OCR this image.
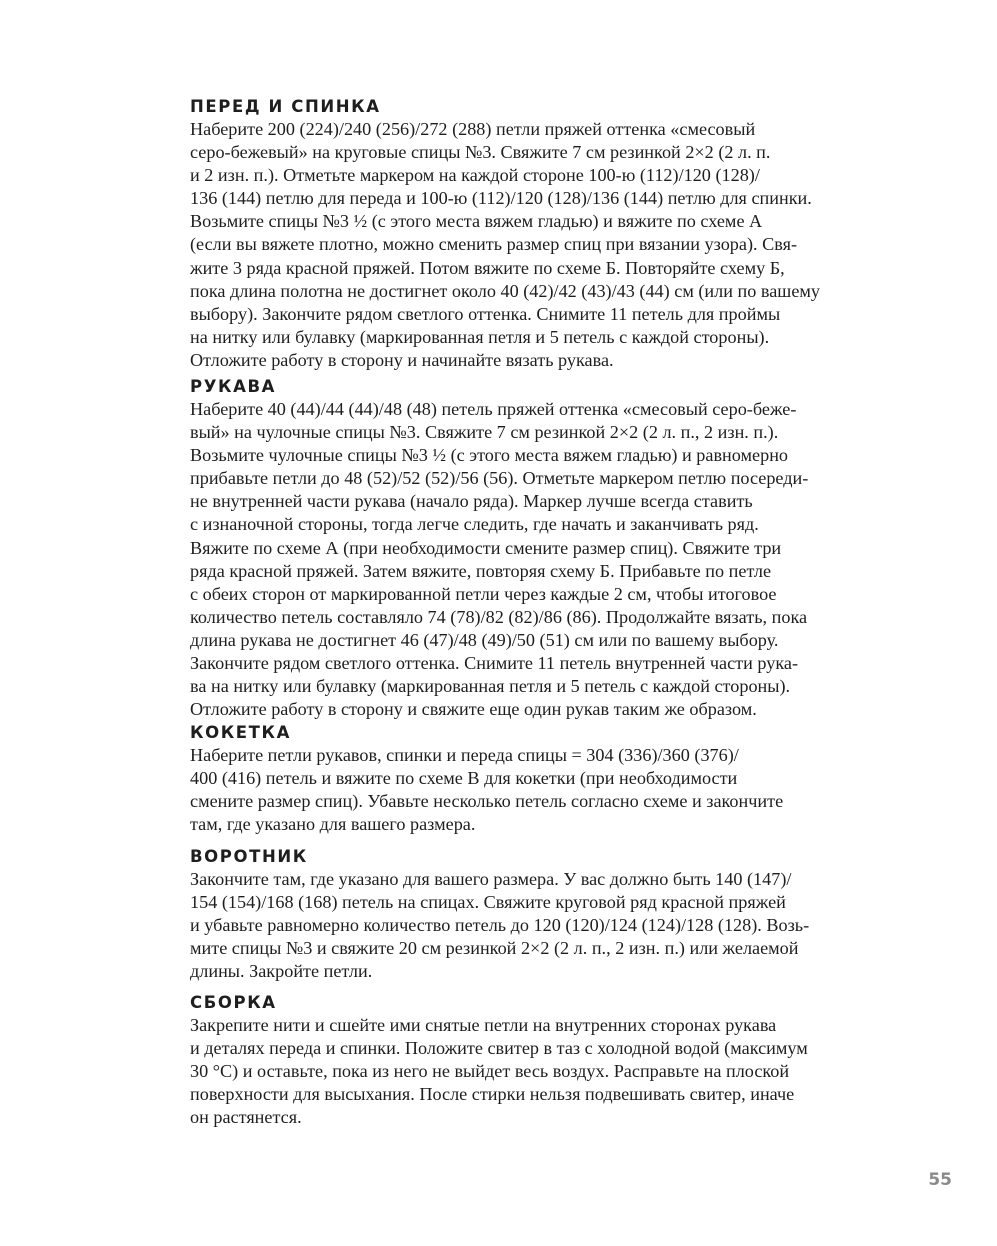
ПЕРЕД И СПИНКА
Наберите 200 (224)/240 (256)/272 (288) петли пряжей оттенка «смесовый
серо-бежевый» на круговые спицы №3. Свяжите 7 см резинкой 2×2 (2 л. п.
и 2 изн. п.). Отметьте маркером на каждой стороне 100-ю (112)/120 (128)/
136 (144) петлю для переда и 100-ю (112)/120 (128)/136 (144) петлю для спинки.
Возьмите спицы №3 ½ (с этого места вяжем гладью) и вяжите по схеме А
(если вы вяжете плотно, можно сменить размер спиц при вязании узора). Свя-
жите 3 ряда красной пряжей. Потом вяжите по схеме Б. Повторяйте схему Б,
пока длина полотна не достигнет около 40 (42)/42 (43)/43 (44) см (или по вашему
выбору). Закончите рядом светлого оттенка. Снимите 11 петель для проймы
на нитку или булавку (маркированная петля и 5 петель с каждой стороны).
Отложите работу в сторону и начинайте вязать рукава.
РУКАВА
Наберите 40 (44)/44 (44)/48 (48) петель пряжей оттенка «смесовый серо-беже-
вый» на чулочные спицы №3. Свяжите 7 см резинкой 2×2 (2 л. п., 2 изн. п.).
Возьмите чулочные спицы №3 ½ (с этого места вяжем гладью) и равномерно
прибавьте петли до 48 (52)/52 (52)/56 (56). Отметьте маркером петлю посереди-
не внутренней части рукава (начало ряда). Маркер лучше всегда ставить
с изнаночной стороны, тогда легче следить, где начать и заканчивать ряд.
Вяжите по схеме А (при необходимости смените размер спиц). Свяжите три
ряда красной пряжей. Затем вяжите, повторяя схему Б. Прибавьте по петле
с обеих сторон от маркированной петли через каждые 2 см, чтобы итоговое
количество петель составляло 74 (78)/82 (82)/86 (86). Продолжайте вязать, пока
длина рукава не достигнет 46 (47)/48 (49)/50 (51) см или по вашему выбору.
Закончите рядом светлого оттенка. Снимите 11 петель внутренней части рука-
ва на нитку или булавку (маркированная петля и 5 петель с каждой стороны).
Отложите работу в сторону и свяжите еще один рукав таким же образом.
КОКЕТКА
Наберите петли рукавов, спинки и переда спицы = 304 (336)/360 (376)/
400 (416) петель и вяжите по схеме В для кокетки (при необходимости
смените размер спиц). Убавьте несколько петель согласно схеме и закончите
там, где указано для вашего размера.
ВОРОТНИК
Закончите там, где указано для вашего размера. У вас должно быть 140 (147)/
154 (154)/168 (168) петель на спицах. Свяжите круговой ряд красной пряжей
и убавьте равномерно количество петель до 120 (120)/124 (124)/128 (128). Возь-
мите спицы №3 и свяжите 20 см резинкой 2×2 (2 л. п., 2 изн. п.) или желаемой
длины. Закройте петли.
СБОРКА
Закрепите нити и сшейте ими снятые петли на внутренних сторонах рукава
и деталях переда и спинки. Положите свитер в таз с холодной водой (максимум
30 °C) и оставьте, пока из него не выйдет весь воздух. Расправьте на плоской
поверхности для высыхания. После стирки нельзя подвешивать свитер, иначе
он растянется.
55
